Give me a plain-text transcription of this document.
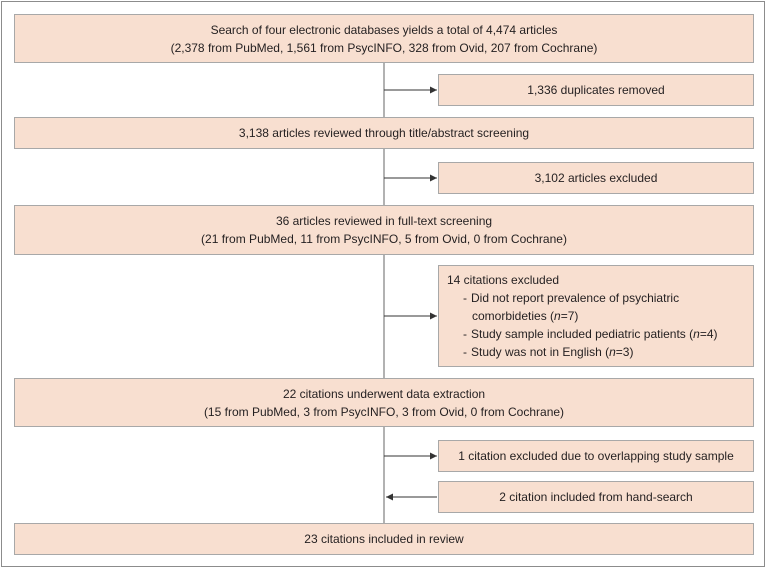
Search of four electronic databases yields a total of 4,474 articles
(2,378 from PubMed, 1,561 from PsycINFO, 328 from Ovid, 207 from Cochrane)
1,336 duplicates removed
3,138 articles reviewed through title/abstract screening
3,102 articles excluded
36 articles reviewed in full-text screening
(21 from PubMed, 11 from PsycINFO, 5 from Ovid, 0 from Cochrane)
14 citations excluded
- Did not report prevalence of psychiatric
comorbideties (n=7)
- Study sample included pediatric patients (n=4)
- Study was not in English (n=3)
22 citations underwent data extraction
(15 from PubMed, 3 from PsycINFO, 3 from Ovid, 0 from Cochrane)
1 citation excluded due to overlapping study sample
2 citation included from hand-search
23 citations included in review
